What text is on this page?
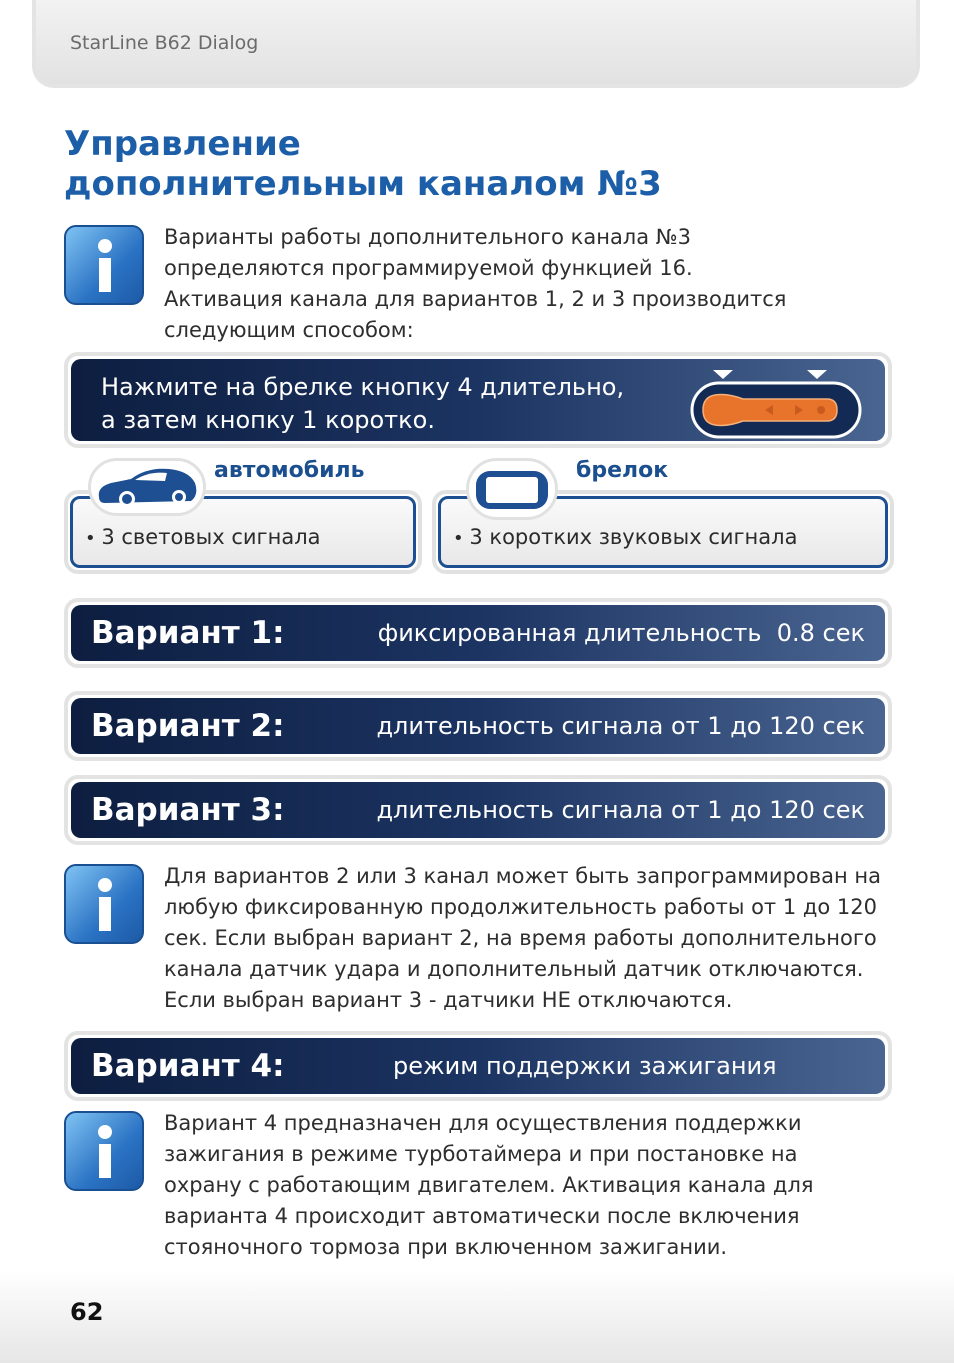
StarLine B62 Dialog
Управление
дополнительным каналом №3
Варианты работы дополнительного канала №3
определяются программируемой функцией 16.
Активация канала для вариантов 1, 2 и 3 производится
следующим способом:
Нажмите на брелке кнопку 4 длительно,
а затем кнопку 1 коротко.
• 3 световых сигнала
автомобиль
• 3 коротких звуковых сигнала
брелок
Вариант 1:	фиксированная длительность  0.8 сек
Вариант 2:	длительность сигнала от 1 до 120 сек
Вариант 3:	длительность сигнала от 1 до 120 сек
Для вариантов 2 или 3 канал может быть запрограммирован на
любую фиксированную продолжительность работы от 1 до 120
сек. Если выбран вариант 2, на время работы дополнительного
канала датчик удара и дополнительный датчик отключаются.
Если выбран вариант 3 - датчики НЕ отключаются.
Вариант 4:	режим поддержки зажигания
Вариант 4 предназначен для осуществления поддержки
зажигания в режиме турботаймера и при постановке на
охрану с работающим двигателем. Активация канала для
варианта 4 происходит автоматически после включения
стояночного тормоза при включенном зажигании.
62
